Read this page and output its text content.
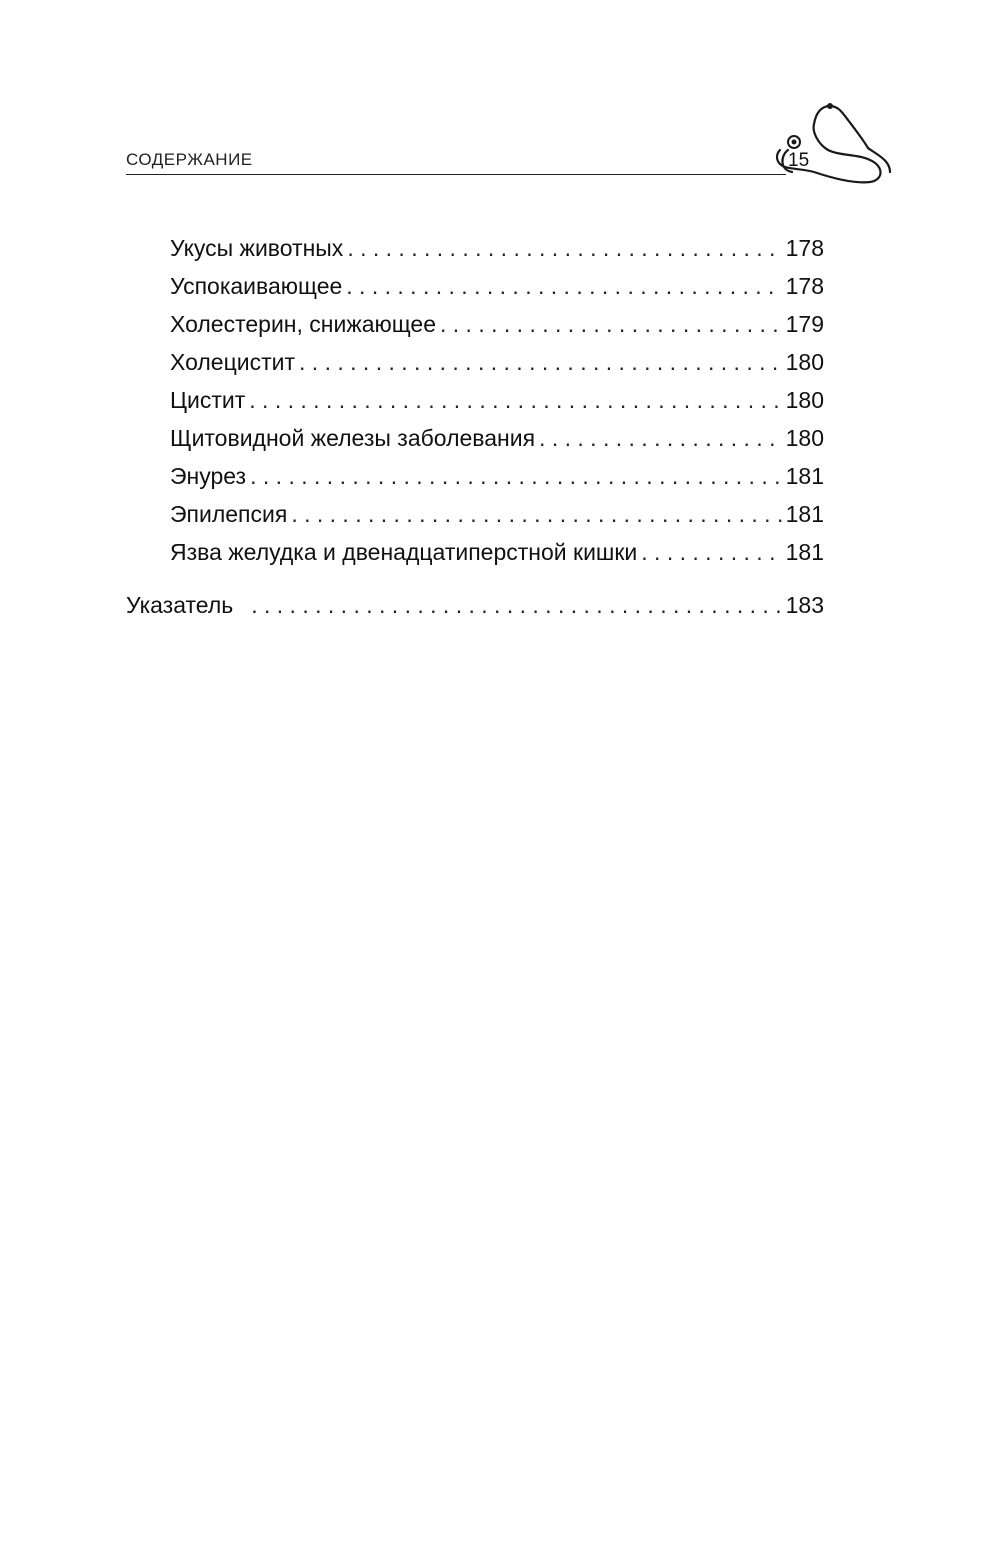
СОДЕРЖАНИЕ	15
Укусы животных . . .	178
Успокаивающее . . .	178
Холестерин, снижающее . . .	179
Холецистит . . .	180
Цистит . . .	180
Щитовидной железы заболевания . . .	180
Энурез . . .	181
Эпилепсия . . .	181
Язва желудка и двенадцатиперстной кишки . . .	181
Указатель . . .	183
